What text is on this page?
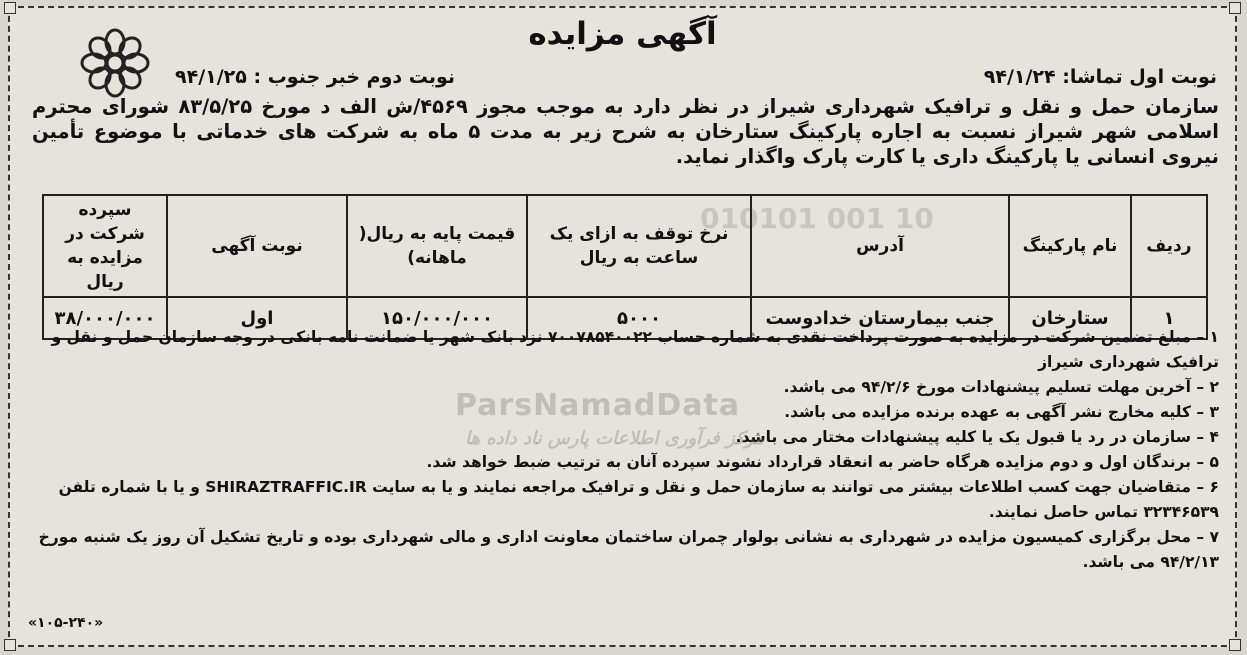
آگهی مزایده
نوبت اول تماشا: ۹۴/۱/۲۴
نوبت دوم خبر جنوب : ۹۴/۱/۲۵
سازمان حمل و نقل و ترافیک شهرداری شیراز در نظر دارد به موجب مجوز ۴۵۶۹/ش الف د مورخ ۸۳/۵/۲۵ شورای محترم اسلامی شهر شیراز نسبت به اجاره پارکینگ ستارخان به شرح زیر به مدت ۵ ماه به شرکت های خدماتی با موضوع تأمین نیروی انسانی یا پارکینگ داری یا کارت پارک واگذار نماید.
010101 001 10
ردیف	نام پارکینگ	آدرس	نرخ توقف به ازای یک ساعت به ریال	قیمت پایه به ریال( ماهانه)	نوبت آگهی	سپرده شرکت در مزایده به ریال
۱	ستارخان	جنب بیمارستان خدادوست	۵۰۰۰	۱۵۰/۰۰۰/۰۰۰	اول	۳۸/۰۰۰/۰۰۰

۱ – مبلغ تضمین شرکت در مزایده به صورت پرداخت نقدی به شماره حساب ۷۰۰۷۸۵۴۰۰۲۲ نزد بانک شهر یا ضمانت نامه بانکی در وجه سازمان حمل و نقل و ترافیک شهرداری شیراز

۲ – آخرین مهلت تسلیم پیشنهادات مورخ ۹۴/۲/۶ می باشد.

۳ – کلیه مخارج نشر آگهی به عهده برنده مزایده می باشد.

۴ – سازمان در رد یا قبول یک یا کلیه پیشنهادات مختار می باشد.

۵ – برندگان اول و دوم مزایده هرگاه حاضر به انعقاد قرارداد نشوند سپرده آنان به ترتیب ضبط خواهد شد.

۶ – متقاضیان جهت کسب اطلاعات بیشتر می توانند به سازمان حمل و نقل و ترافیک مراجعه نمایند و یا به سایت SHIRAZTRAFFIC.IR و یا با شماره تلفن ۳۲۳۴۶۵۳۹ تماس حاصل نمایند.

۷ – محل برگزاری کمیسیون مزایده در شهرداری به نشانی بولوار چمران ساختمان معاونت اداری و مالی شهرداری بوده و تاریخ تشکیل آن روز یک شنبه مورخ ۹۴/۲/۱۳ می باشد.

ParsNamadData
مرکز فرآوری اطلاعات پارس ناد داده ها
«۱۰۵-۲۴۰»
